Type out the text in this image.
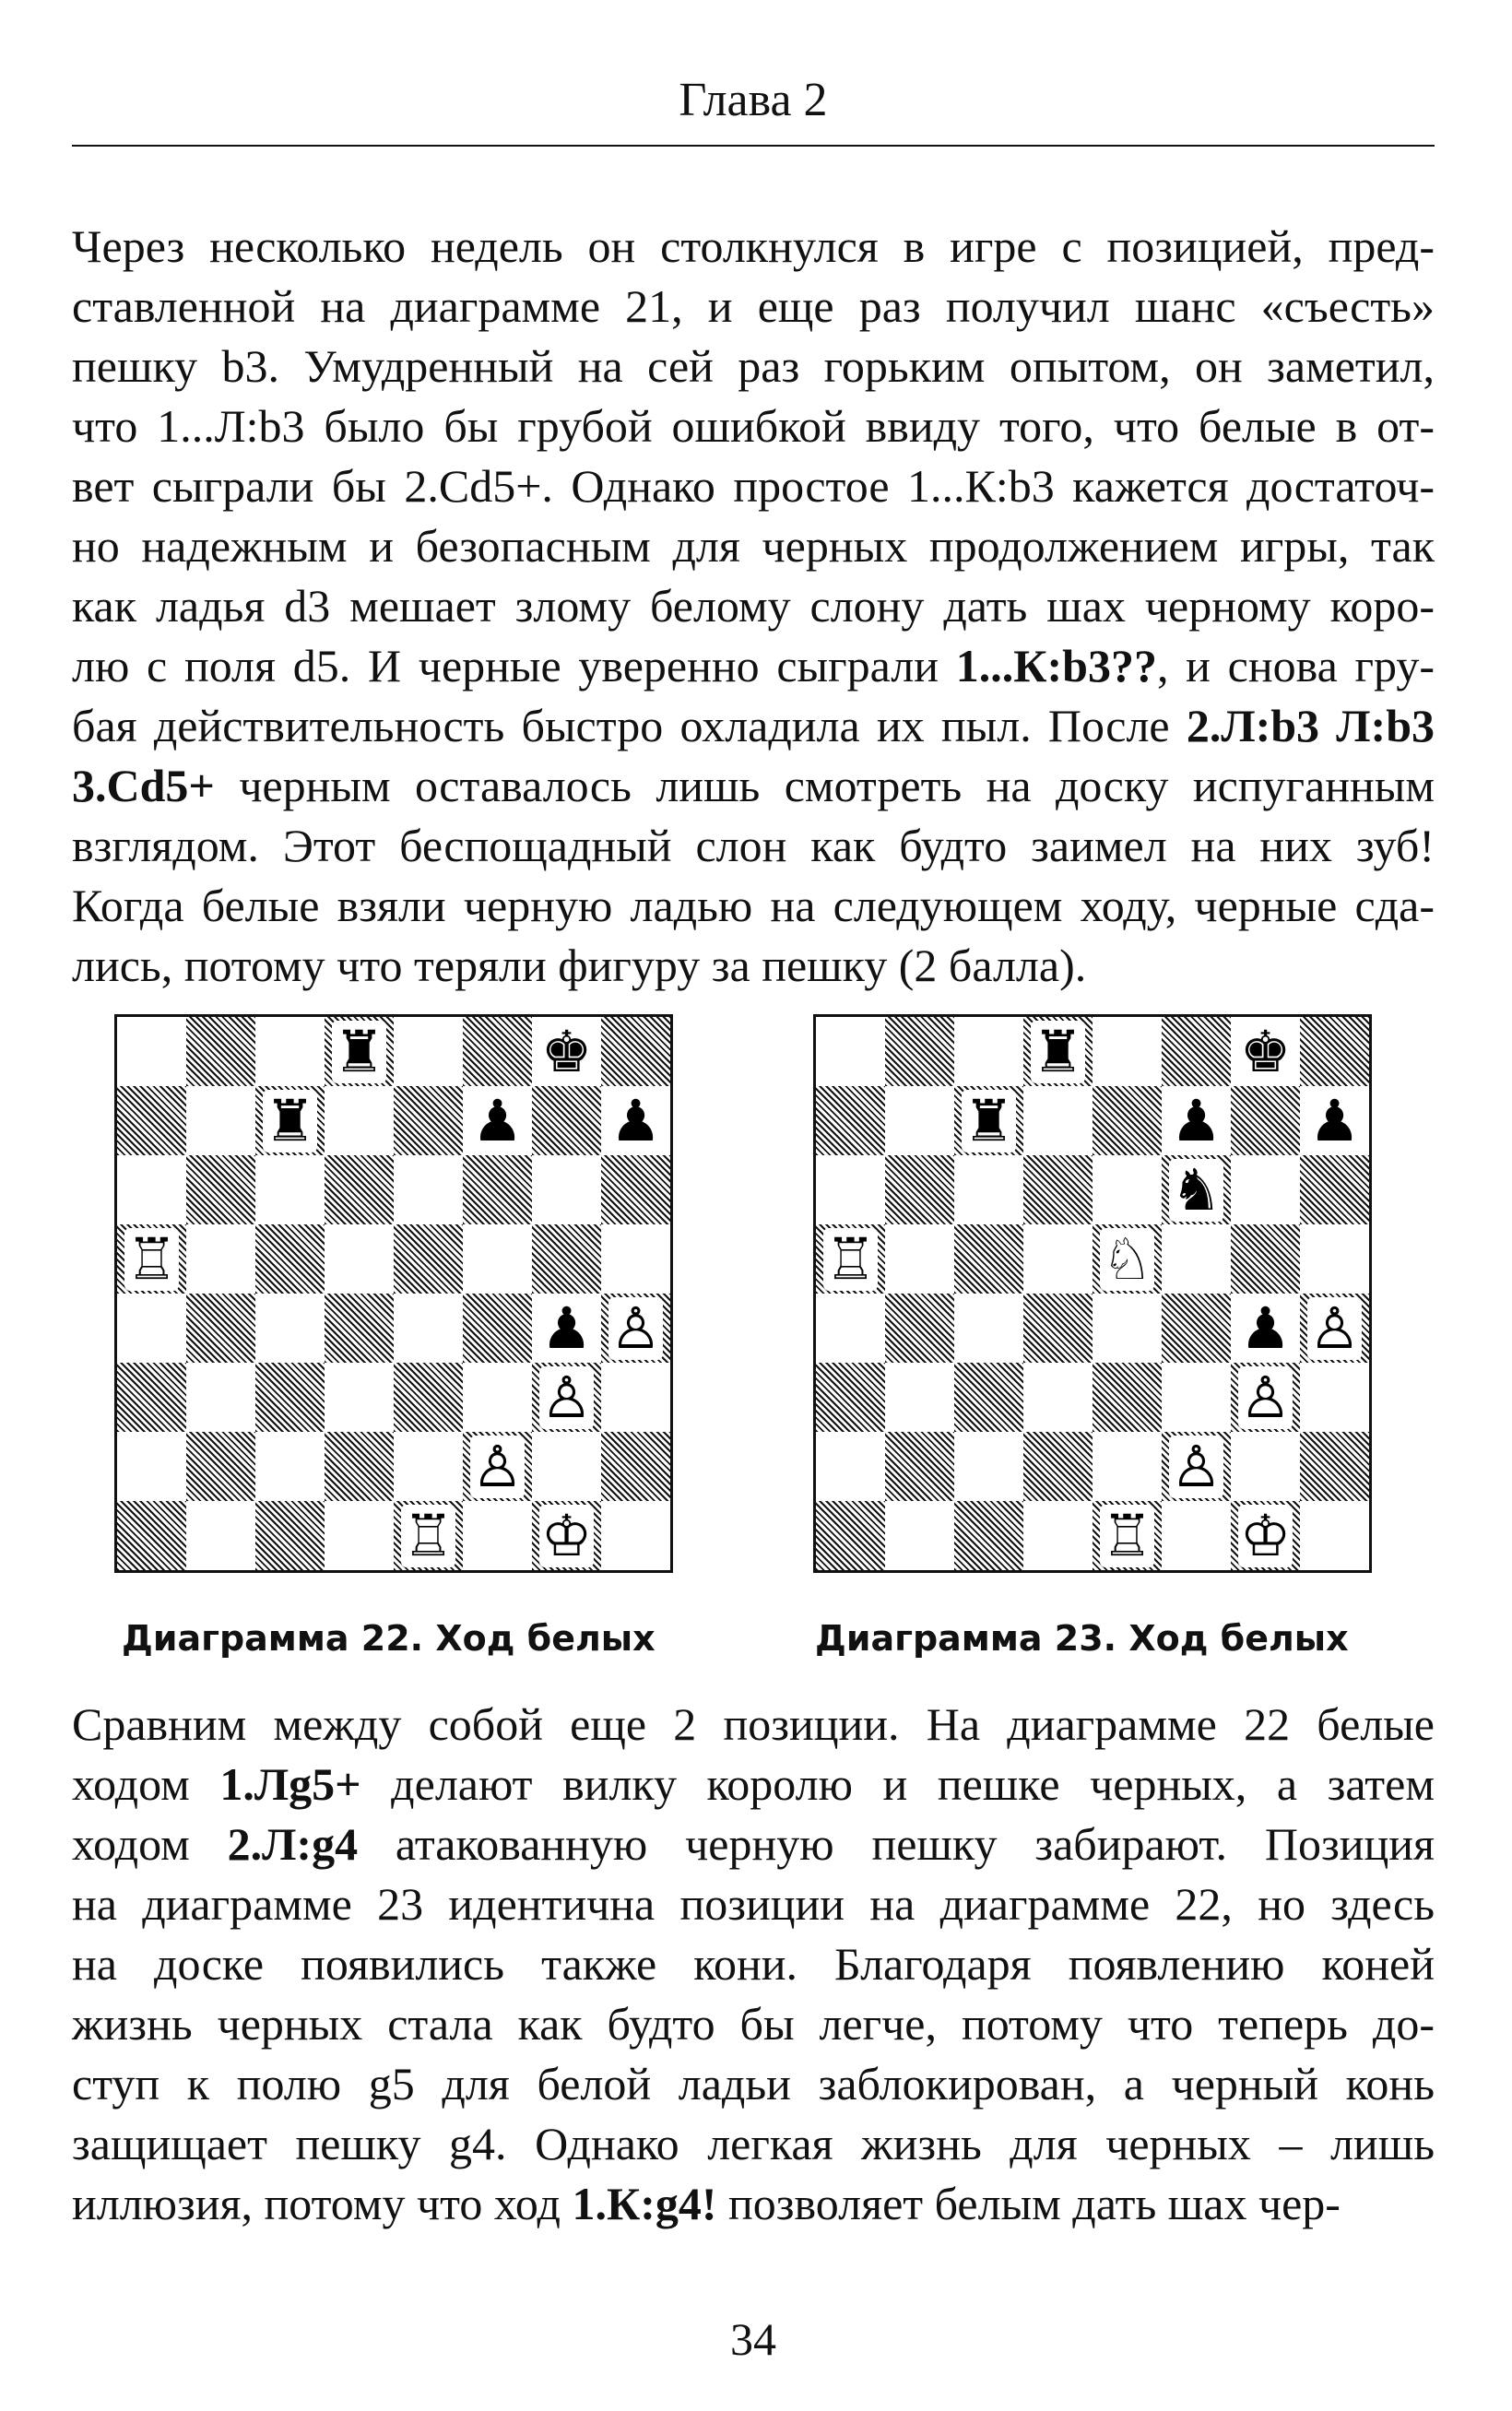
Глава 2
Через несколько недель он столкнулся в игре с позицией, пред-
ставленной на диаграмме 21, и еще раз получил шанс «съесть»
пешку b3. Умудренный на сей раз горьким опытом, он заметил,
что 1...Л:b3 было бы грубой ошибкой ввиду того, что белые в от-
вет сыграли бы 2.Cd5+. Однако простое 1...К:b3 кажется достаточ-
но надежным и безопасным для черных продолжением игры, так
как ладья d3 мешает злому белому слону дать шах черному коро-
лю с поля d5. И черные уверенно сыграли 1...К:b3??, и снова гру-
бая действительность быстро охладила их пыл. После 2.Л:b3 Л:b3
3.Cd5+ черным оставалось лишь смотреть на доску испуганным
взглядом. Этот беспощадный слон как будто заимел на них зуб!
Когда белые взяли черную ладью на следующем ходу, черные сда-
лись, потому что теряли фигуру за пешку (2 балла).
♜	♚
♜	♟ ♟
♖
♟ ♙
♙
♙
♖ ♔
♜	♚
♜	♟ ♟
♞
♖	♘
♟ ♙
♙
♙
♖ ♔
Диаграмма 22. Ход белых	Диаграмма 23. Ход белых
Сравним между собой еще 2 позиции. На диаграмме 22 белые
ходом 1.Лg5+ делают вилку королю и пешке черных, а затем
ходом 2.Л:g4 атакованную черную пешку забирают. Позиция
на диаграмме 23 идентична позиции на диаграмме 22, но здесь
на доске появились также кони. Благодаря появлению коней
жизнь черных стала как будто бы легче, потому что теперь до-
ступ к полю g5 для белой ладьи заблокирован, а черный конь
защищает пешку g4. Однако легкая жизнь для черных – лишь
иллюзия, потому что ход 1.К:g4! позволяет белым дать шах чер-
34
